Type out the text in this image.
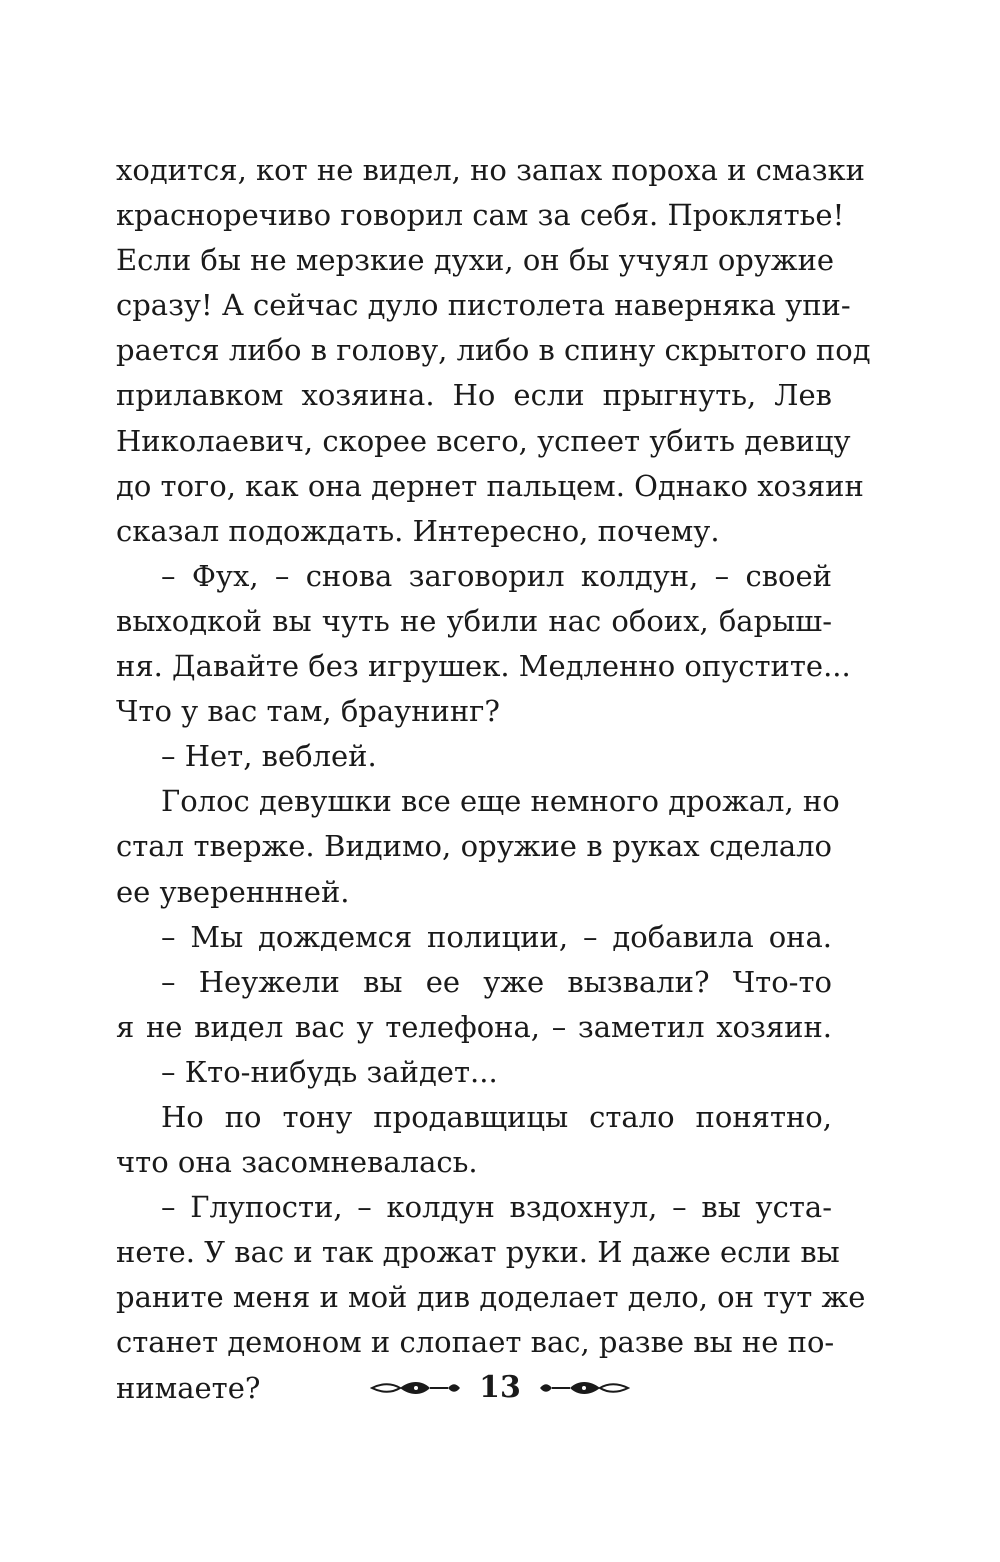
ходится, кот не видел, но запах пороха и смазки
красноречиво говорил сам за себя. Проклятье!
Если бы не мерзкие духи, он бы учуял оружие
сразу! А сейчас дуло пистолета наверняка упи-
рается либо в голову, либо в спину скрытого под
прилавком хозяина. Но если прыгнуть, Лев
Николаевич, скорее всего, успеет убить девицу
до того, как она дернет пальцем. Однако хозяин
сказал подождать. Интересно, почему.
– Фух, – снова заговорил колдун, – своей
выходкой вы чуть не убили нас обоих, барыш-
ня. Давайте без игрушек. Медленно опустите...
Что у вас там, браунинг?
– Нет, веблей.
Голос девушки все еще немного дрожал, но
стал тверже. Видимо, оружие в руках сделало
ее увереннней.
– Мы дождемся полиции, – добавила она.
– Неужели вы ее уже вызвали? Что-то
я не видел вас у телефона, – заметил хозяин.
– Кто-нибудь зайдет...
Но по тону продавщицы стало понятно,
что она засомневалась.
– Глупости, – колдун вздохнул, – вы уста-
нете. У вас и так дрожат руки. И даже если вы
раните меня и мой див доделает дело, он тут же
станет демоном и слопает вас, разве вы не по-
нимаете?	13
